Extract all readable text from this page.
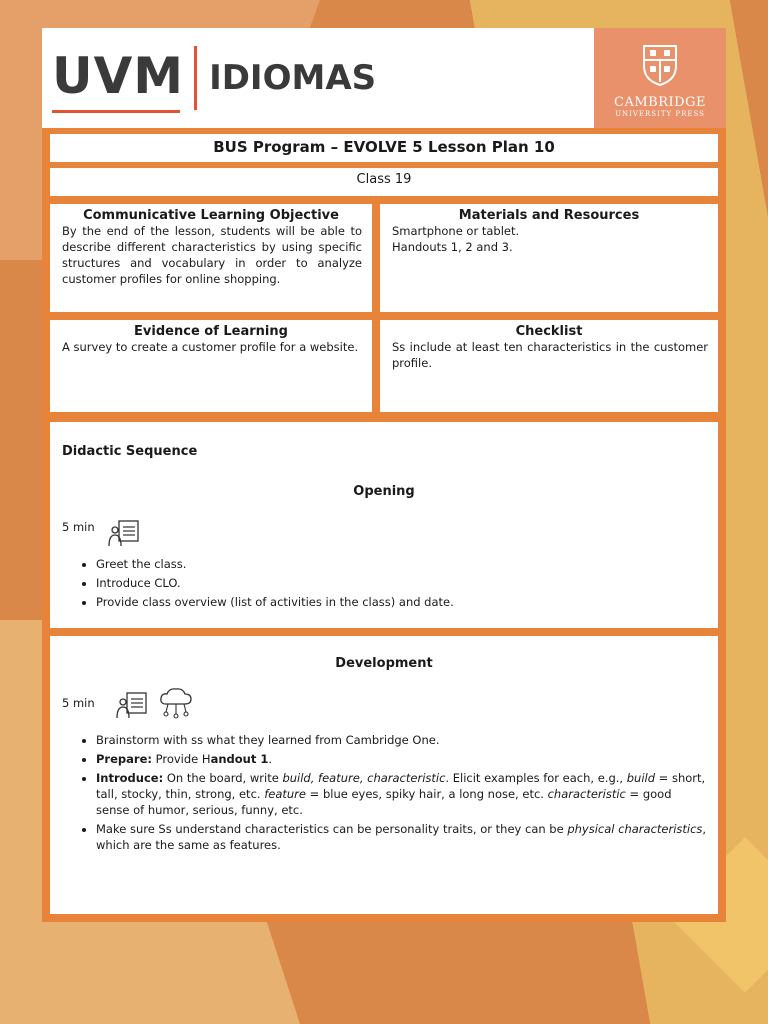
UVM IDIOMAS
CAMBRIDGE
UNIVERSITY PRESS
BUS Program – EVOLVE 5 Lesson Plan 10
Class 19
Communicative Learning Objective
By the end of the lesson, students will be able to describe different characteristics by using specific structures and vocabulary in order to analyze customer profiles for online shopping.
Materials and Resources
Smartphone or tablet.
Handouts 1, 2 and 3.
Evidence of Learning
A survey to create a customer profile for a website.
Checklist
Ss include at least ten characteristics in the customer profile.
Didactic Sequence
Opening
5 min
• Greet the class.
• Introduce CLO.
• Provide class overview (list of activities in the class) and date.
Development
5 min
• Brainstorm with ss what they learned from Cambridge One.
• Prepare: Provide Handout 1.
• Introduce: On the board, write build, feature, characteristic. Elicit examples for each, e.g., build = short, tall, stocky, thin, strong, etc. feature = blue eyes, spiky hair, a long nose, etc. characteristic = good sense of humor, serious, funny, etc.
• Make sure Ss understand characteristics can be personality traits, or they can be physical characteristics, which are the same as features.
